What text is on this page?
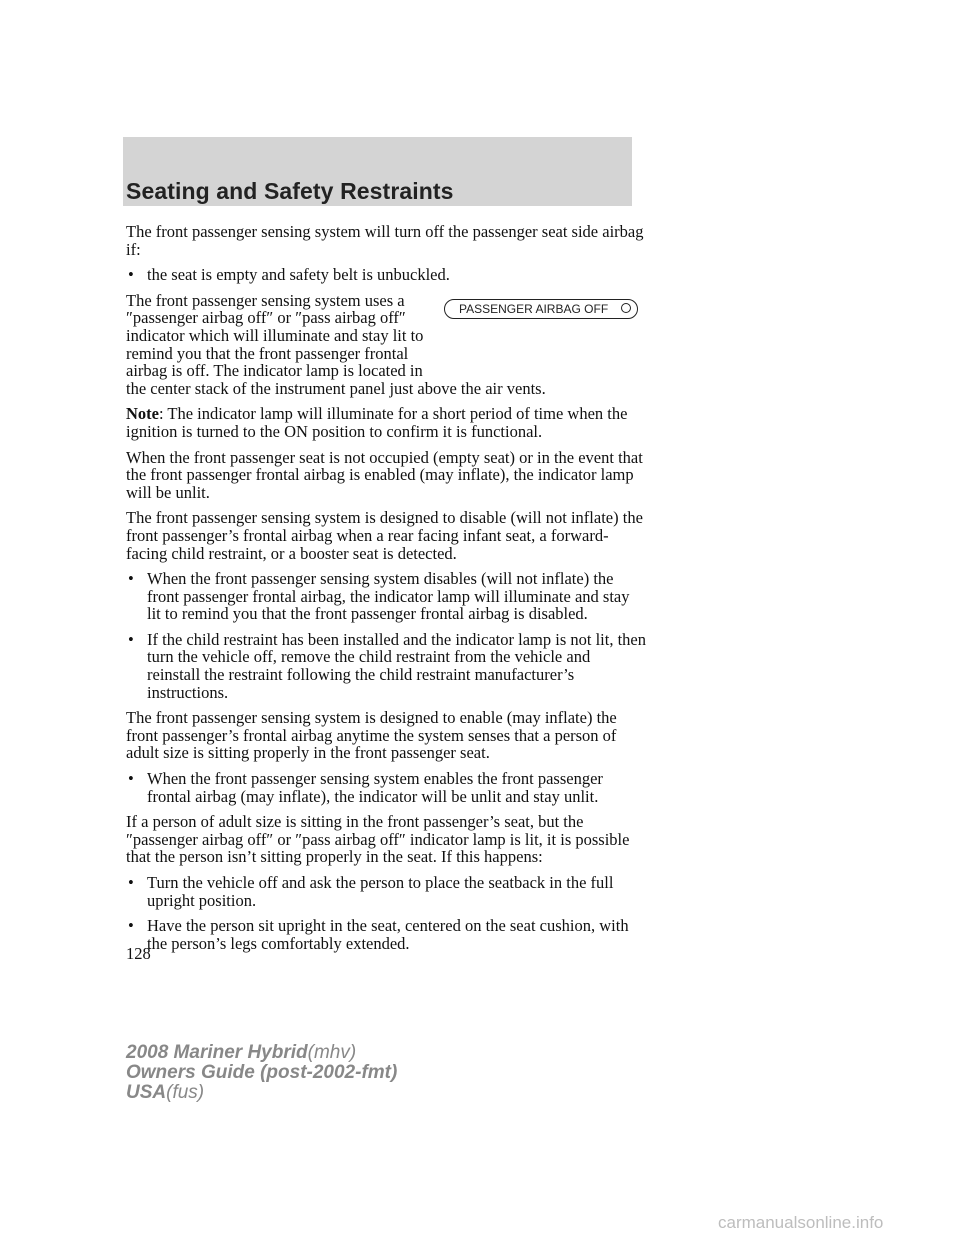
Seating and Safety Restraints

The front passenger sensing system will turn off the passenger seat side airbag if:

• the seat is empty and safety belt is unbuckled.
PASSENGER AIRBAG OFF

The front passenger sensing system uses a ″passenger airbag off″ or ″pass airbag off″ indicator which will illuminate and stay lit to remind you that the front passenger frontal airbag is off. The indicator lamp is located in the center stack of the instrument panel just above the air vents.

Note: The indicator lamp will illuminate for a short period of time when the ignition is turned to the ON position to confirm it is functional.

When the front passenger seat is not occupied (empty seat) or in the event that the front passenger frontal airbag is enabled (may inflate), the indicator lamp will be unlit.

The front passenger sensing system is designed to disable (will not inflate) the front passenger’s frontal airbag when a rear facing infant seat, a forward-facing child restraint, or a booster seat is detected.

• When the front passenger sensing system disables (will not inflate) the front passenger frontal airbag, the indicator lamp will illuminate and stay lit to remind you that the front passenger frontal airbag is disabled.
• If the child restraint has been installed and the indicator lamp is not lit, then turn the vehicle off, remove the child restraint from the vehicle and reinstall the restraint following the child restraint manufacturer’s instructions.

The front passenger sensing system is designed to enable (may inflate) the front passenger’s frontal airbag anytime the system senses that a person of adult size is sitting properly in the front passenger seat.

• When the front passenger sensing system enables the front passenger frontal airbag (may inflate), the indicator will be unlit and stay unlit.

If a person of adult size is sitting in the front passenger’s seat, but the ″passenger airbag off″ or ″pass airbag off″ indicator lamp is lit, it is possible that the person isn’t sitting properly in the seat. If this happens:

• Turn the vehicle off and ask the person to place the seatback in the full upright position.
• Have the person sit upright in the seat, centered on the seat cushion, with the person’s legs comfortably extended.
128
2008 Mariner Hybrid(mhv)
Owners Guide (post-2002-fmt)
USA(fus)
carmanualsonline.info
